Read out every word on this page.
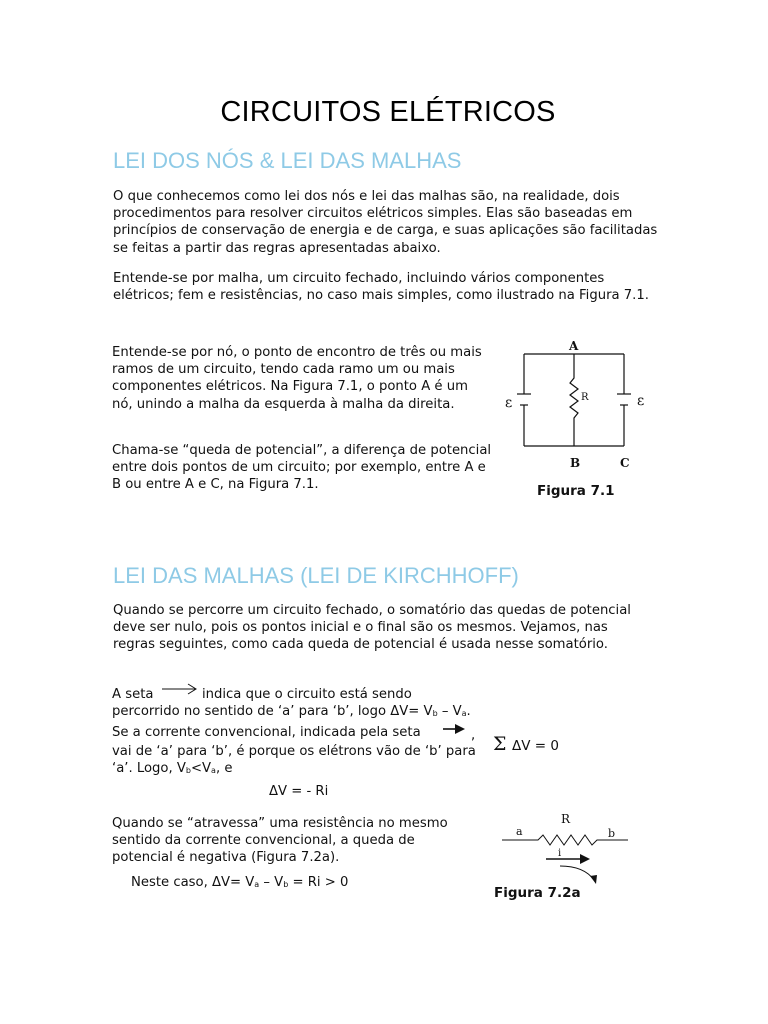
CIRCUITOS ELÉTRICOS
LEI DOS NÓS & LEI DAS MALHAS
O que conhecemos como lei dos nós e lei das malhas são, na realidade, dois procedimentos para resolver circuitos elétricos simples. Elas são baseadas em princípios de conservação de energia e de carga, e suas aplicações são facilitadas se feitas a partir das regras apresentadas abaixo.
Entende-se por malha, um circuito fechado, incluindo vários componentes elétricos; fem e resistências, no caso mais simples, como ilustrado na Figura 7.1.
Entende-se por nó, o ponto de encontro de três ou mais ramos de um circuito, tendo cada ramo um ou mais componentes elétricos. Na Figura 7.1, o ponto A é um nó, unindo a malha da esquerda à malha da direita.
Chama-se “queda de potencial”, a diferença de potencial entre dois pontos de um circuito; por exemplo, entre A e B ou entre A e C, na Figura 7.1.
A
B	C
R
ε	ε
Figura 7.1
LEI DAS MALHAS (LEI DE KIRCHHOFF)
Quando se percorre um circuito fechado, o somatório das quedas de potencial deve ser nulo, pois os pontos inicial e o final são os mesmos. Vejamos, nas regras seguintes, como cada queda de potencial é usada nesse somatório.
A seta	indica que o circuito está sendo
percorrido no sentido de ‘a’ para ‘b’, logo $\Delta V= V_b - V_a$.
Se a corrente convencional, indicada pela seta	,
vai de ‘a’ para ‘b’, é porque os elétrons vão de ‘b’ para Σ ΔV = 0
‘a’. Logo, $V_b<V_a$, e
ΔV = - Ri
Quando se “atravessa” uma resistência no mesmo sentido da corrente convencional, a queda de potencial é negativa (Figura 7.2a).
Neste caso, $\Delta V= V_a - V_b = Ri > 0$
R
a	b
i
Figura 7.2a
